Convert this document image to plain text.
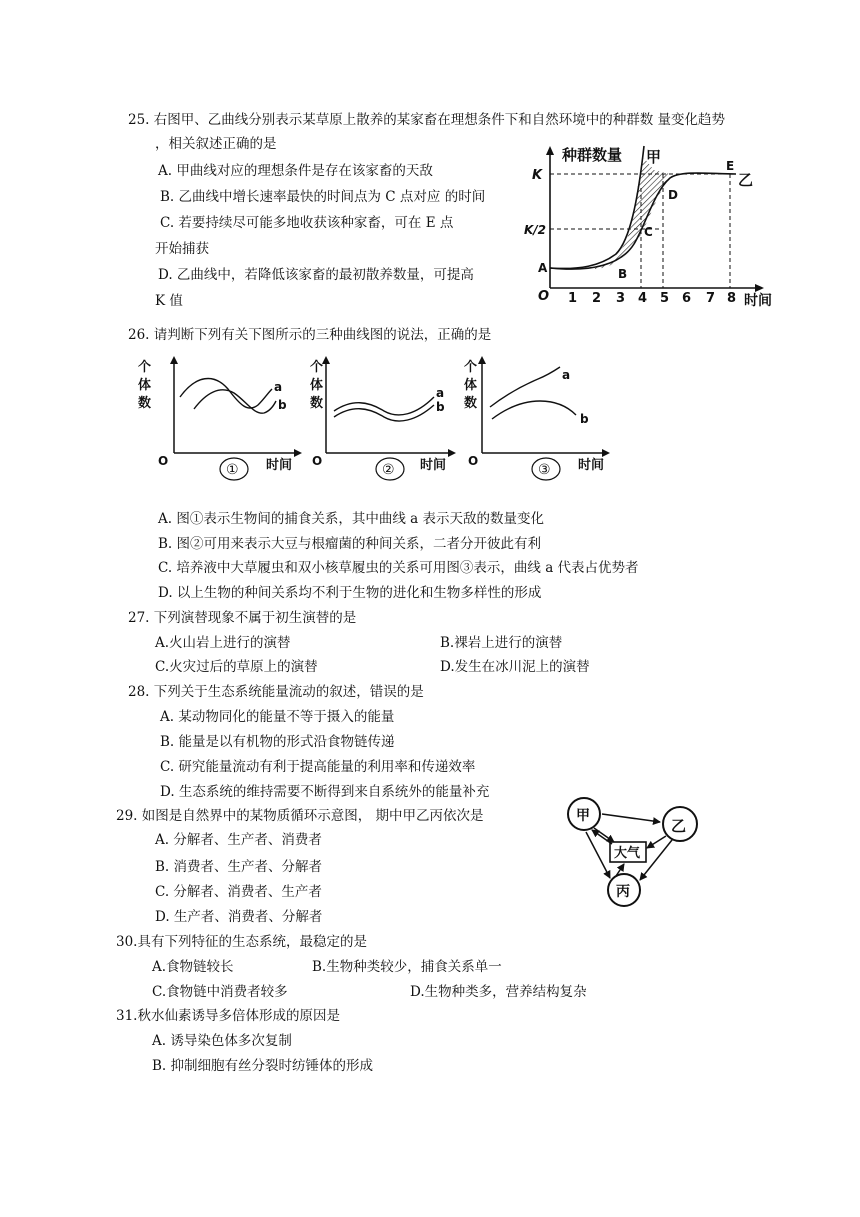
25. 右图甲、乙曲线分别表示某草原上散养的某家畜在理想条件下和自然环境中的种群数 量变化趋势
，相关叙述正确的是
A. 甲曲线对应的理想条件是存在该家畜的天敌
B. 乙曲线中增长速率最快的时间点为 C 点对应 的时间
C. 若要持续尽可能多地收获该种家畜，可在 E 点
开始捕获
D. 乙曲线中，若降低该家畜的最初散养数量，可提高
K 值
种群数量
时间
O
K
K/2
1 2 3 4 5 6 7 8
甲
乙
A	B
C
D
E
26. 请判断下列有关下图所示的三种曲线图的说法，正确的是
个
体
数
O	时间
a
b
①
个
体
数
O	时间
a
b
②
个
体
数
O	时间
a
b
③
A. 图①表示生物间的捕食关系，其中曲线 a 表示天敌的数量变化
B. 图②可用来表示大豆与根瘤菌的种间关系，二者分开彼此有利
C. 培养液中大草履虫和双小核草履虫的关系可用图③表示，曲线 a 代表占优势者
D. 以上生物的种间关系均不利于生物的进化和生物多样性的形成
27. 下列演替现象不属于初生演替的是
A.火山岩上进行的演替	B.裸岩上进行的演替
C.火灾过后的草原上的演替	D.发生在冰川泥上的演替
28. 下列关于生态系统能量流动的叙述，错误的是
A. 某动物同化的能量不等于摄入的能量
B. 能量是以有机物的形式沿食物链传递
C. 研究能量流动有利于提高能量的利用率和传递效率
D. 生态系统的维持需要不断得到来自系统外的能量补充
29. 如图是自然界中的某物质循环示意图， 期中甲乙丙依次是
A. 分解者、生产者、消费者
B. 消费者、生产者、分解者
C. 分解者、消费者、生产者
D. 生产者、消费者、分解者
甲
乙
丙
大气
30.具有下列特征的生态系统，最稳定的是
A.食物链较长	B.生物种类较少，捕食关系单一
C.食物链中消费者较多	D.生物种类多，营养结构复杂
31.秋水仙素诱导多倍体形成的原因是
A. 诱导染色体多次复制
B. 抑制细胞有丝分裂时纺锤体的形成
